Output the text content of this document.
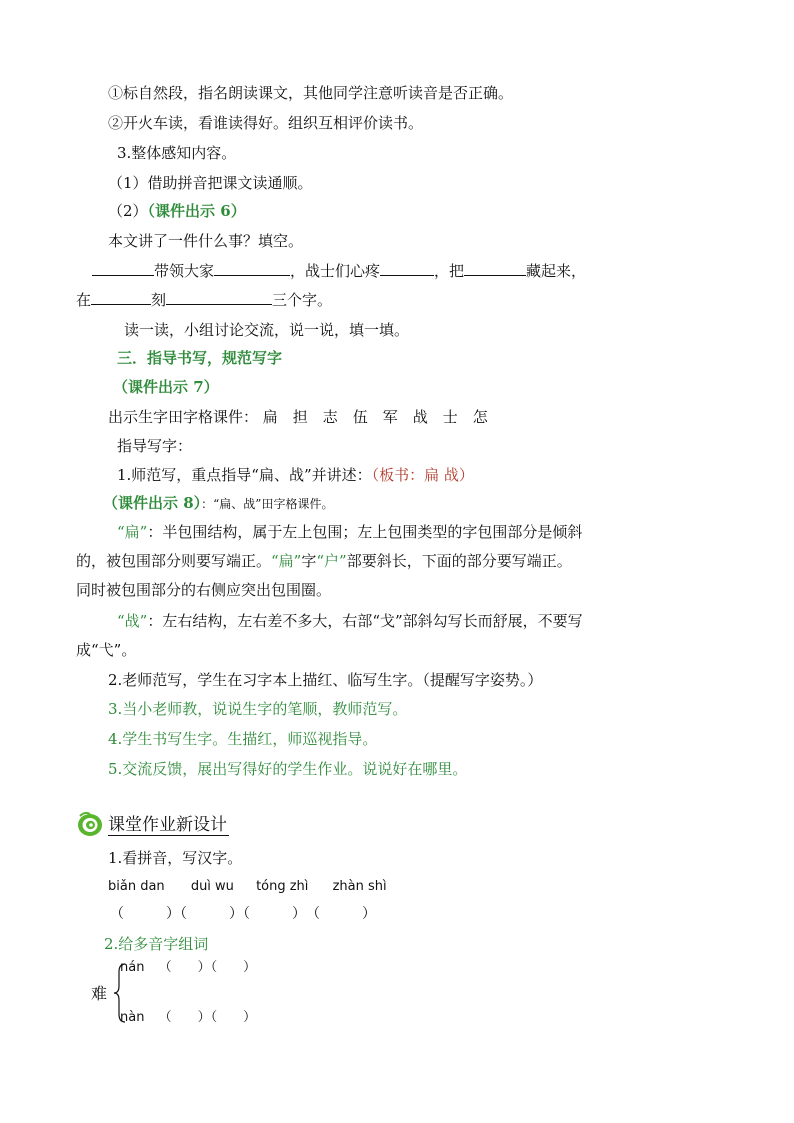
①标自然段，指名朗读课文，其他同学注意听读音是否正确。
②开火车读，看谁读得好。组织互相评价读书。
3.整体感知内容。
（1）借助拼音把课文读通顺。
（2）（课件出示 6）
本文讲了一件什么事？填空。
带领大家	，战士们心疼	，把	藏起来，
在	刻	三个字。
读一读，小组讨论交流，说一说，填一填。
三．指导书写，规范写字
（课件出示 7）
出示生字田字格课件： 扁　担　志　伍　军　战　士　怎
指导写字：
1.师范写，重点指导“扁、战”并讲述：（板书：扁 战）
（课件出示 8）：“扁、战”田字格课件。
“扁”：半包围结构，属于左上包围；左上包围类型的字包围部分是倾斜
的，被包围部分则要写端正。“扁”字“户”部要斜长，下面的部分要写端正。
同时被包围部分的右侧应突出包围圈。
“战”：左右结构，左右差不多大，右部“戈”部斜勾写长而舒展，不要写
成“弋”。
2.老师范写，学生在习字本上描红、临写生字。（提醒写字姿势。）
3.当小老师教，说说生字的笔顺，教师范写。
4.学生书写生字。生描红，师巡视指导。
5.交流反馈，展出写得好的学生作业。说说好在哪里。
课堂作业新设计
1.看拼音，写汉字。
biǎn dan duì wu tóng zhì zhàn shì
（　　　）（　　　）（　　　）　（　　　）
2.给多音字组词
nán （　　）（　　）
难
nàn （　　）（　　）
